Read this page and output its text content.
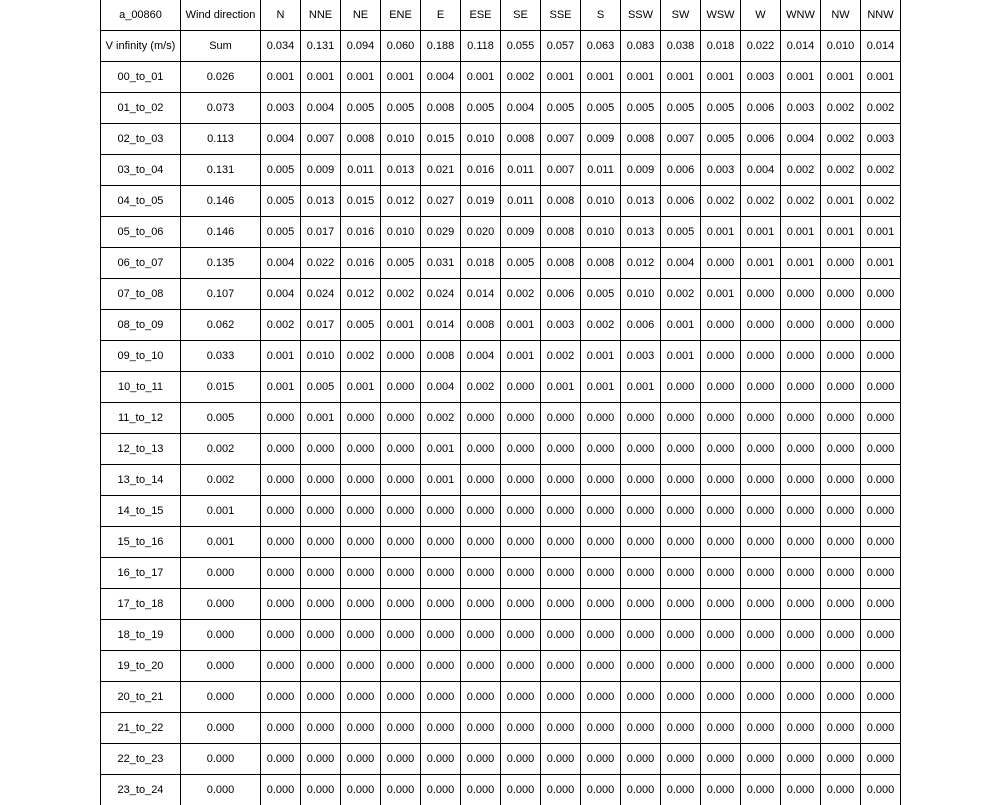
a_00860	Wind direction	N	NNE	NE	ENE	E	ESE	SE	SSE	S	SSW	SW	WSW	W	WNW	NW	NNW
V infinity (m/s)	Sum	0.034	0.131	0.094	0.060	0.188	0.118	0.055	0.057	0.063	0.083	0.038	0.018	0.022	0.014	0.010	0.014
00_to_01	0.026	0.001	0.001	0.001	0.001	0.004	0.001	0.002	0.001	0.001	0.001	0.001	0.001	0.003	0.001	0.001	0.001
01_to_02	0.073	0.003	0.004	0.005	0.005	0.008	0.005	0.004	0.005	0.005	0.005	0.005	0.005	0.006	0.003	0.002	0.002
02_to_03	0.113	0.004	0.007	0.008	0.010	0.015	0.010	0.008	0.007	0.009	0.008	0.007	0.005	0.006	0.004	0.002	0.003
03_to_04	0.131	0.005	0.009	0.011	0.013	0.021	0.016	0.011	0.007	0.011	0.009	0.006	0.003	0.004	0.002	0.002	0.002
04_to_05	0.146	0.005	0.013	0.015	0.012	0.027	0.019	0.011	0.008	0.010	0.013	0.006	0.002	0.002	0.002	0.001	0.002
05_to_06	0.146	0.005	0.017	0.016	0.010	0.029	0.020	0.009	0.008	0.010	0.013	0.005	0.001	0.001	0.001	0.001	0.001
06_to_07	0.135	0.004	0.022	0.016	0.005	0.031	0.018	0.005	0.008	0.008	0.012	0.004	0.000	0.001	0.001	0.000	0.001
07_to_08	0.107	0.004	0.024	0.012	0.002	0.024	0.014	0.002	0.006	0.005	0.010	0.002	0.001	0.000	0.000	0.000	0.000
08_to_09	0.062	0.002	0.017	0.005	0.001	0.014	0.008	0.001	0.003	0.002	0.006	0.001	0.000	0.000	0.000	0.000	0.000
09_to_10	0.033	0.001	0.010	0.002	0.000	0.008	0.004	0.001	0.002	0.001	0.003	0.001	0.000	0.000	0.000	0.000	0.000
10_to_11	0.015	0.001	0.005	0.001	0.000	0.004	0.002	0.000	0.001	0.001	0.001	0.000	0.000	0.000	0.000	0.000	0.000
11_to_12	0.005	0.000	0.001	0.000	0.000	0.002	0.000	0.000	0.000	0.000	0.000	0.000	0.000	0.000	0.000	0.000	0.000
12_to_13	0.002	0.000	0.000	0.000	0.000	0.001	0.000	0.000	0.000	0.000	0.000	0.000	0.000	0.000	0.000	0.000	0.000
13_to_14	0.002	0.000	0.000	0.000	0.000	0.001	0.000	0.000	0.000	0.000	0.000	0.000	0.000	0.000	0.000	0.000	0.000
14_to_15	0.001	0.000	0.000	0.000	0.000	0.000	0.000	0.000	0.000	0.000	0.000	0.000	0.000	0.000	0.000	0.000	0.000
15_to_16	0.001	0.000	0.000	0.000	0.000	0.000	0.000	0.000	0.000	0.000	0.000	0.000	0.000	0.000	0.000	0.000	0.000
16_to_17	0.000	0.000	0.000	0.000	0.000	0.000	0.000	0.000	0.000	0.000	0.000	0.000	0.000	0.000	0.000	0.000	0.000
17_to_18	0.000	0.000	0.000	0.000	0.000	0.000	0.000	0.000	0.000	0.000	0.000	0.000	0.000	0.000	0.000	0.000	0.000
18_to_19	0.000	0.000	0.000	0.000	0.000	0.000	0.000	0.000	0.000	0.000	0.000	0.000	0.000	0.000	0.000	0.000	0.000
19_to_20	0.000	0.000	0.000	0.000	0.000	0.000	0.000	0.000	0.000	0.000	0.000	0.000	0.000	0.000	0.000	0.000	0.000
20_to_21	0.000	0.000	0.000	0.000	0.000	0.000	0.000	0.000	0.000	0.000	0.000	0.000	0.000	0.000	0.000	0.000	0.000
21_to_22	0.000	0.000	0.000	0.000	0.000	0.000	0.000	0.000	0.000	0.000	0.000	0.000	0.000	0.000	0.000	0.000	0.000
22_to_23	0.000	0.000	0.000	0.000	0.000	0.000	0.000	0.000	0.000	0.000	0.000	0.000	0.000	0.000	0.000	0.000	0.000
23_to_24	0.000	0.000	0.000	0.000	0.000	0.000	0.000	0.000	0.000	0.000	0.000	0.000	0.000	0.000	0.000	0.000	0.000
